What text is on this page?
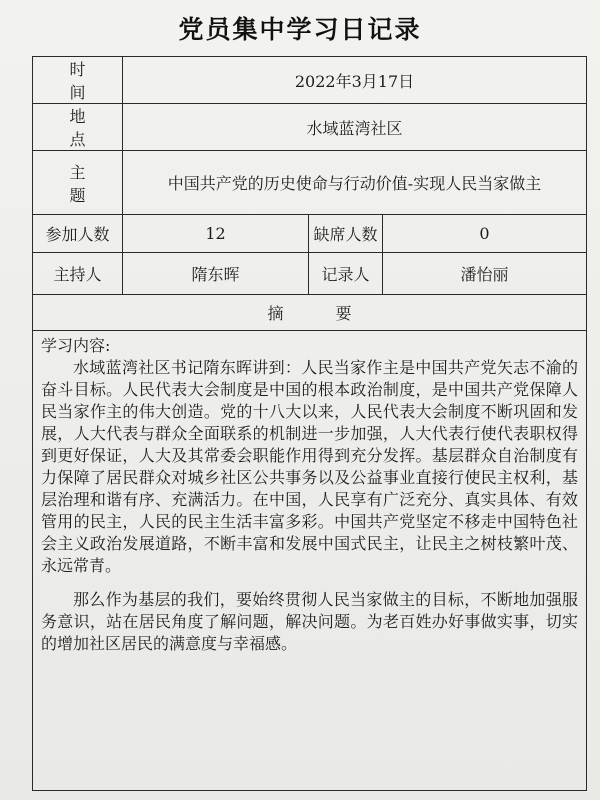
党员集中学习日记录
时间	2022年3月17日		
地点	水域蓝湾社区		
主题	中国共产党的历史使命与行动价值-实现人民当家做主		
参加人数	12	缺席人数	0
主持人	隋东晖	记录人	潘怡丽
摘要			

学习内容:

水域蓝湾社区书记隋东晖讲到：人民当家作主是中国共产党矢志不渝的奋斗目标。人民代表大会制度是中国的根本政治制度，是中国共产党保障人民当家作主的伟大创造。党的十八大以来，人民代表大会制度不断巩固和发展，人大代表与群众全面联系的机制进一步加强，人大代表行使代表职权得到更好保证，人大及其常委会职能作用得到充分发挥。基层群众自治制度有力保障了居民群众对城乡社区公共事务以及公益事业直接行使民主权利，基层治理和谐有序、充满活力。在中国，人民享有广泛充分、真实具体、有效管用的民主，人民的民主生活丰富多彩。中国共产党坚定不移走中国特色社会主义政治发展道路，不断丰富和发展中国式民主，让民主之树枝繁叶茂、永远常青。

那么作为基层的我们，要始终贯彻人民当家做主的目标，不断地加强服务意识，站在居民角度了解问题，解决问题。为老百姓办好事做实事，切实的增加社区居民的满意度与幸福感。			
